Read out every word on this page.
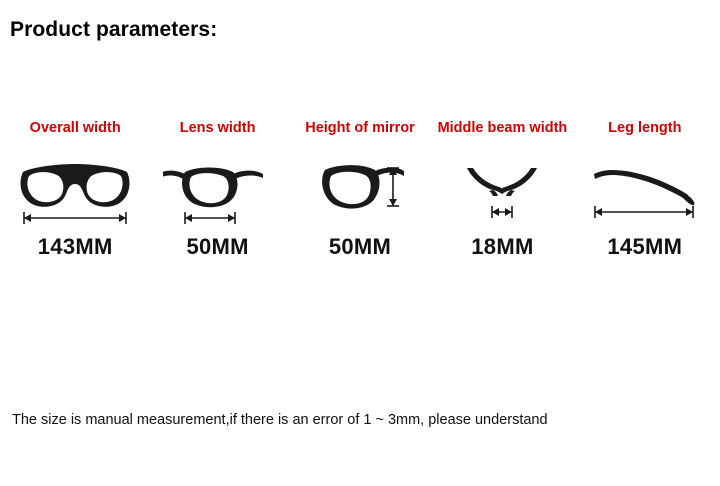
Product parameters:
Overall width
143MM
Lens width
50MM
Height of mirror
50MM
Middle beam width
18MM
Leg length
145MM
The size is manual measurement,if there is an error of 1 ~ 3mm, please understand
